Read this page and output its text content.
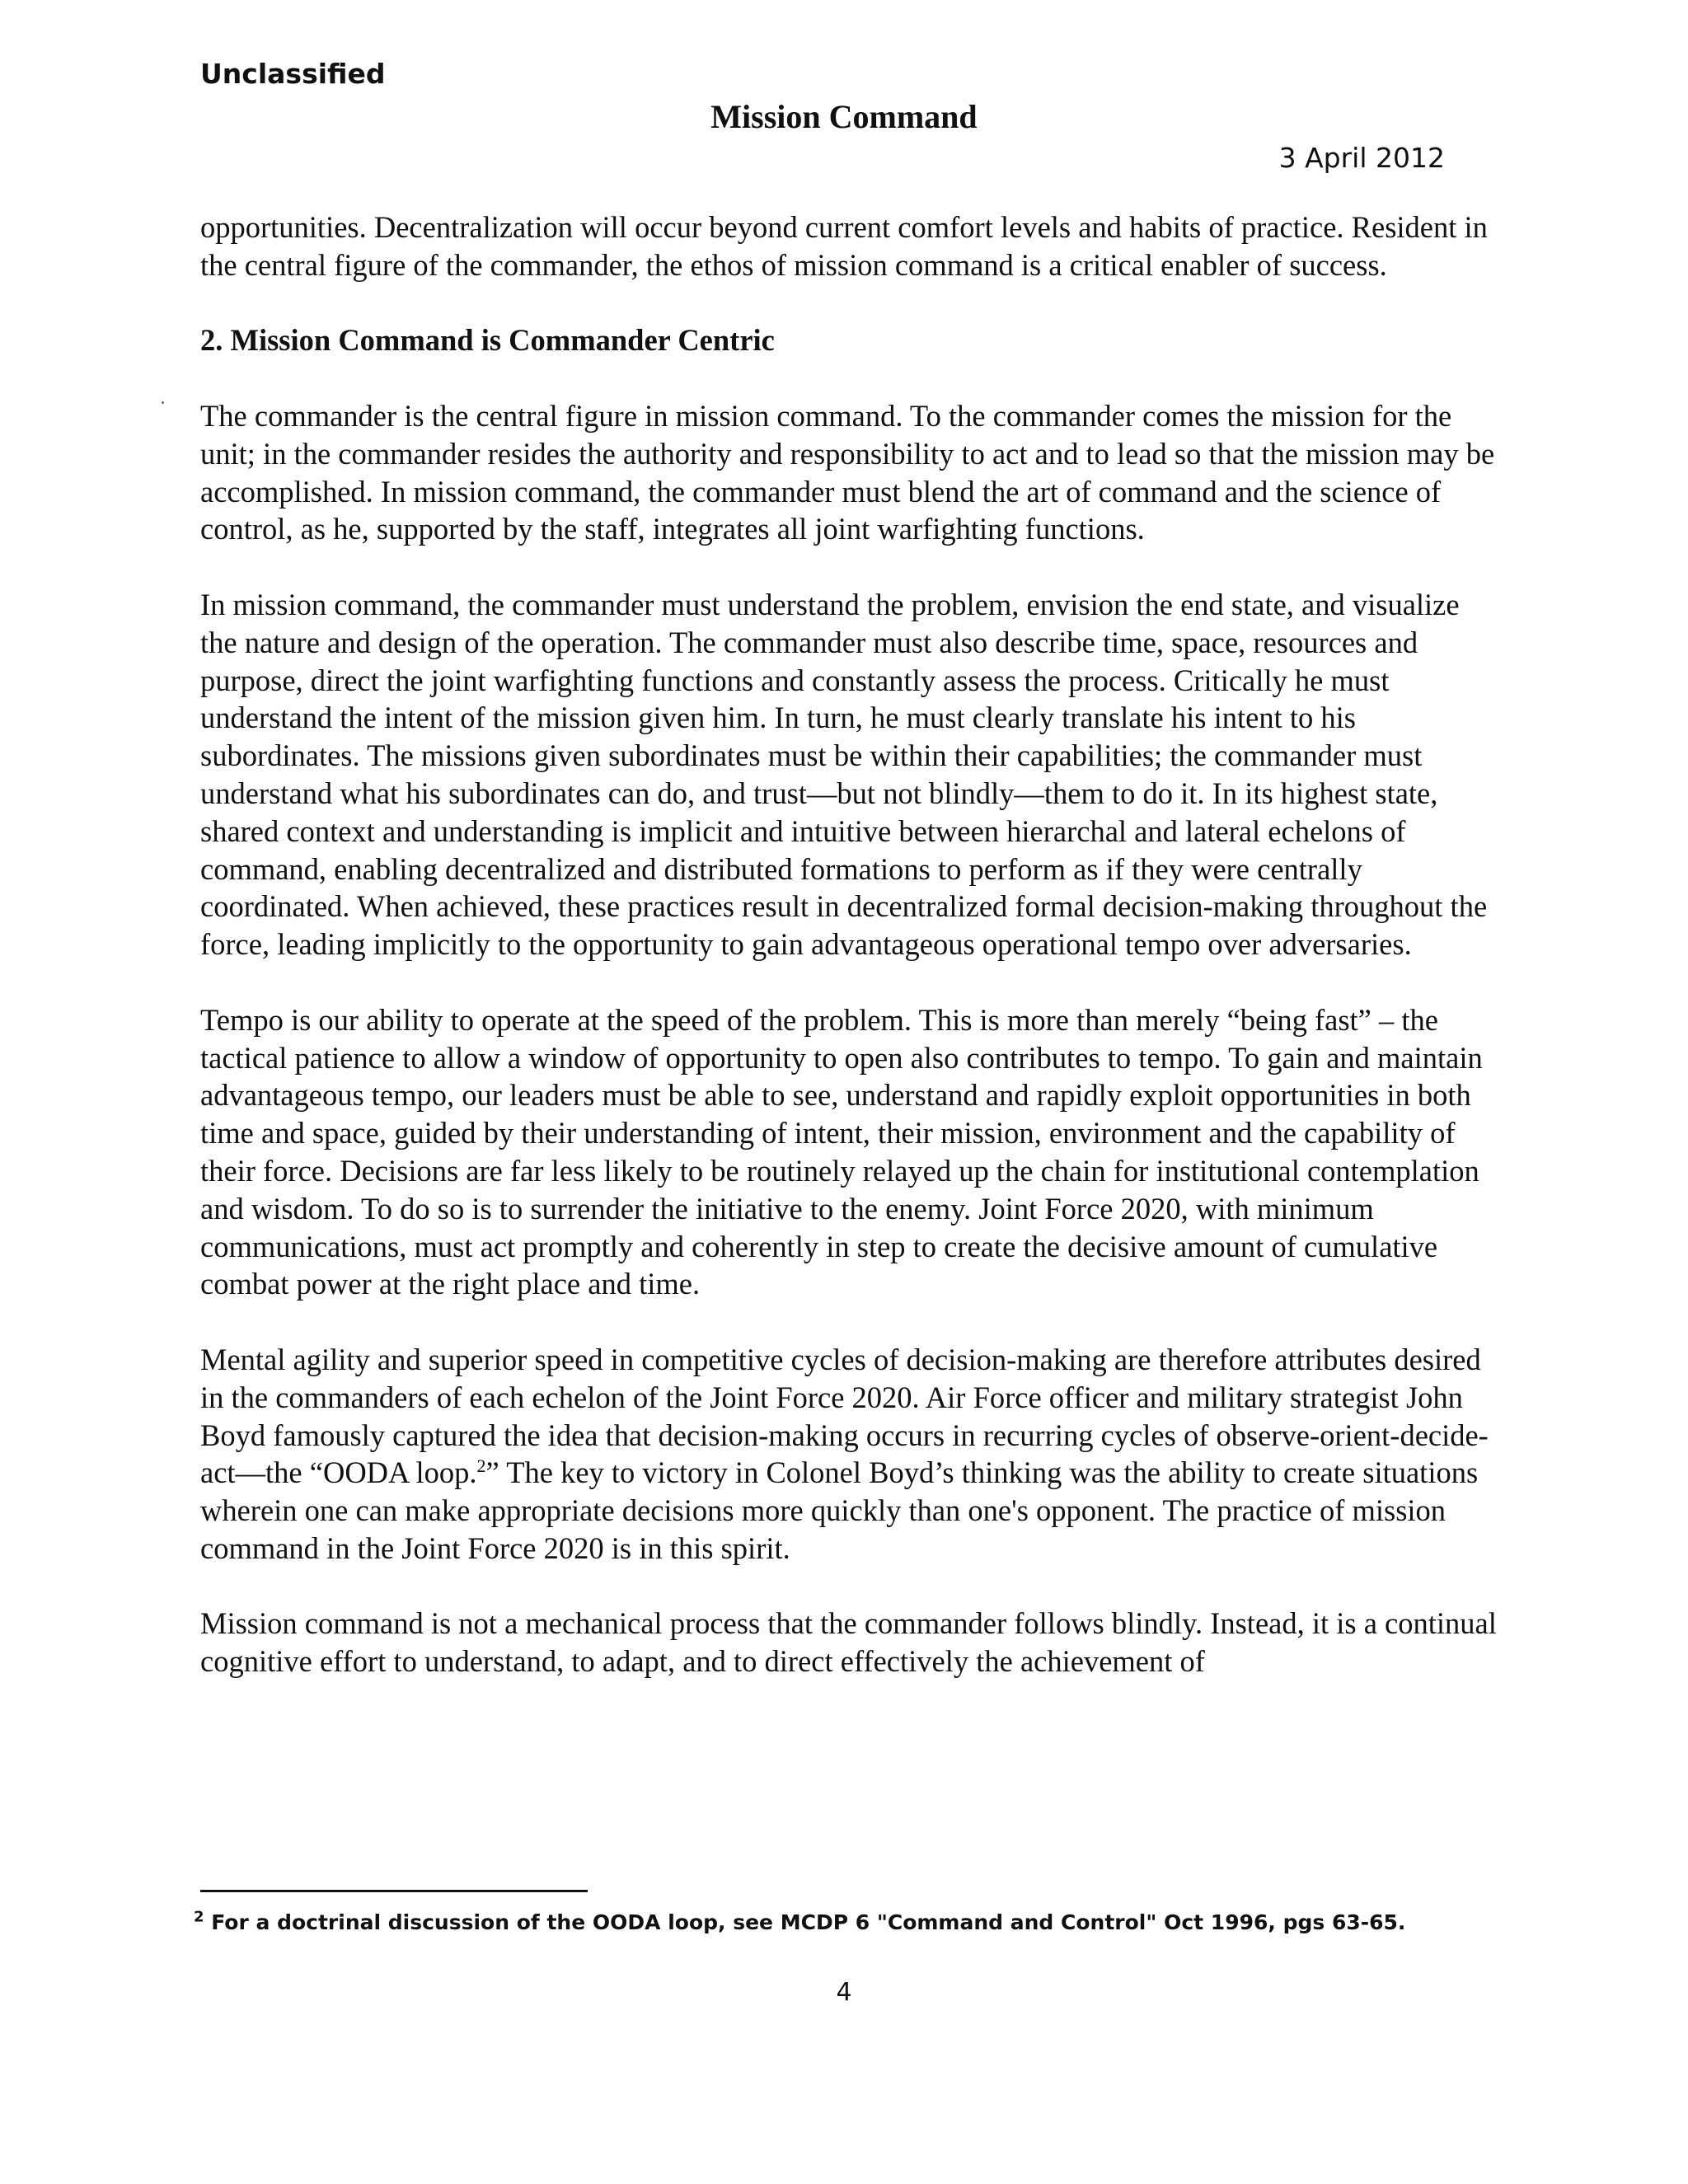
Unclassified
Mission Command
3 April 2012

opportunities. Decentralization will occur beyond current comfort levels and habits of practice. Resident in the central figure of the commander, the ethos of mission command is a critical enabler of success.

2. Mission Command is Commander Centric

The commander is the central figure in mission command. To the commander comes the mission for the unit; in the commander resides the authority and responsibility to act and to lead so that the mission may be accomplished. In mission command, the commander must blend the art of command and the science of control, as he, supported by the staff, integrates all joint warfighting functions.

In mission command, the commander must understand the problem, envision the end state, and visualize the nature and design of the operation. The commander must also describe time, space, resources and purpose, direct the joint warfighting functions and constantly assess the process. Critically he must understand the intent of the mission given him. In turn, he must clearly translate his intent to his subordinates. The missions given subordinates must be within their capabilities; the commander must understand what his subordinates can do, and trust—but not blindly—them to do it. In its highest state, shared context and understanding is implicit and intuitive between hierarchal and lateral echelons of command, enabling decentralized and distributed formations to perform as if they were centrally coordinated. When achieved, these practices result in decentralized formal decision-making throughout the force, leading implicitly to the opportunity to gain advantageous operational tempo over adversaries.

Tempo is our ability to operate at the speed of the problem. This is more than merely “being fast” – the tactical patience to allow a window of opportunity to open also contributes to tempo. To gain and maintain advantageous tempo, our leaders must be able to see, understand and rapidly exploit opportunities in both time and space, guided by their understanding of intent, their mission, environment and the capability of their force. Decisions are far less likely to be routinely relayed up the chain for institutional contemplation and wisdom. To do so is to surrender the initiative to the enemy. Joint Force 2020, with minimum communications, must act promptly and coherently in step to create the decisive amount of cumulative combat power at the right place and time.

Mental agility and superior speed in competitive cycles of decision-making are therefore attributes desired in the commanders of each echelon of the Joint Force 2020. Air Force officer and military strategist John Boyd famously captured the idea that decision-making occurs in recurring cycles of observe-orient-decide-act—the “OODA loop.$^2$” The key to victory in Colonel Boyd’s thinking was the ability to create situations wherein one can make appropriate decisions more quickly than one's opponent. The practice of mission command in the Joint Force 2020 is in this spirit.

Mission command is not a mechanical process that the commander follows blindly. Instead, it is a continual cognitive effort to understand, to adapt, and to direct effectively the achievement of

$^2$ For a doctrinal discussion of the OODA loop, see MCDP 6 "Command and Control" Oct 1996, pgs 63-65.
4
